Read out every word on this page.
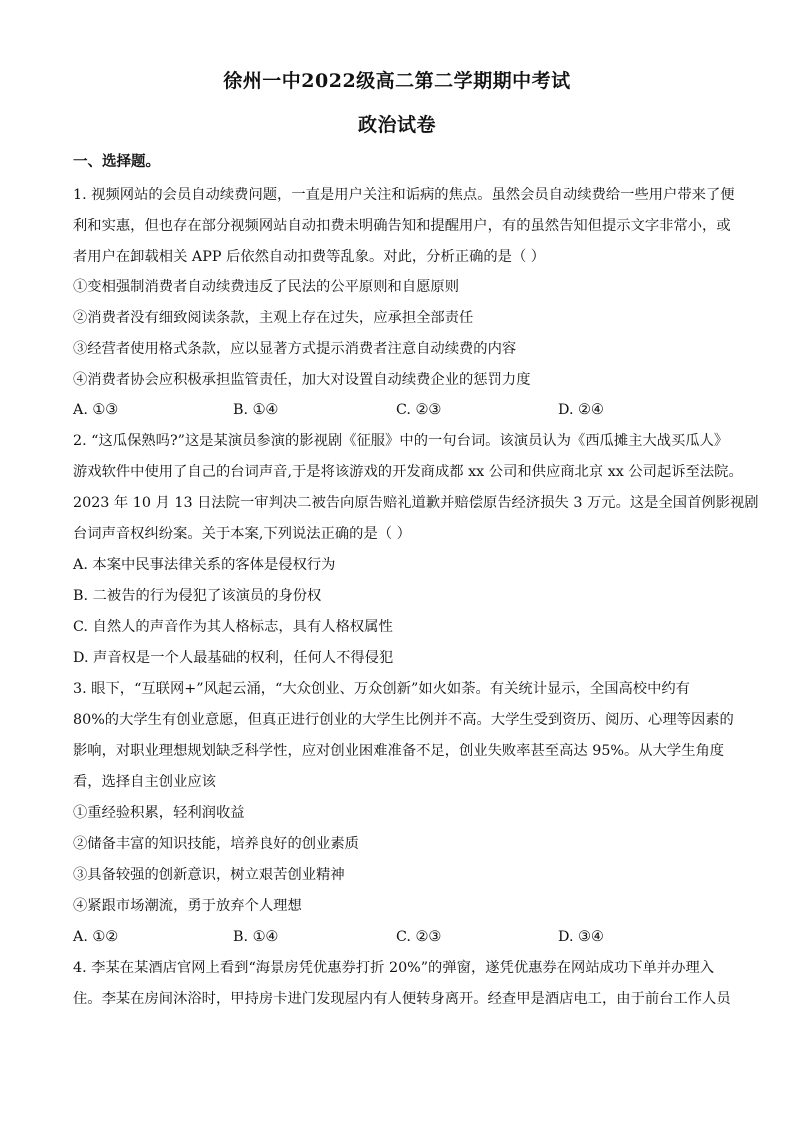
徐州一中2022级高二第二学期期中考试
政治试卷
一、选择题。
1. 视频网站的会员自动续费问题，一直是用户关注和诟病的焦点。虽然会员自动续费给一些用户带来了便
利和实惠，但也存在部分视频网站自动扣费未明确告知和提醒用户，有的虽然告知但提示文字非常小，或
者用户在卸载相关 APP 后依然自动扣费等乱象。对此，分析正确的是（ ）
①变相强制消费者自动续费违反了民法的公平原则和自愿原则
②消费者没有细致阅读条款，主观上存在过失，应承担全部责任
③经营者使用格式条款，应以显著方式提示消费者注意自动续费的内容
④消费者协会应积极承担监管责任，加大对设置自动续费企业的惩罚力度
A. ①③	B. ①④	C. ②③	D. ②④
2. “这瓜保熟吗?”这是某演员参演的影视剧《征服》中的一句台词。该演员认为《西瓜摊主大战买瓜人》
游戏软件中使用了自己的台词声音,于是将该游戏的开发商成都 xx 公司和供应商北京 xx 公司起诉至法院。
2023 年 10 月 13 日法院一审判决二被告向原告赔礼道歉并赔偿原告经济损失 3 万元。这是全国首例影视剧
台词声音权纠纷案。关于本案,下列说法正确的是（ ）
A. 本案中民事法律关系的客体是侵权行为
B. 二被告的行为侵犯了该演员的身份权
C. 自然人的声音作为其人格标志，具有人格权属性
D. 声音权是一个人最基础的权利，任何人不得侵犯
3. 眼下，“互联网+”风起云涌，“大众创业、万众创新”如火如荼。有关统计显示，全国高校中约有
80%的大学生有创业意愿，但真正进行创业的大学生比例并不高。大学生受到资历、阅历、心理等因素的
影响，对职业理想规划缺乏科学性，应对创业困难准备不足，创业失败率甚至高达 95%。从大学生角度
看，选择自主创业应该
①重经验积累，轻利润收益
②储备丰富的知识技能，培养良好的创业素质
③具备较强的创新意识，树立艰苦创业精神
④紧跟市场潮流，勇于放弃个人理想
A. ①②	B. ①④	C. ②③	D. ③④
4. 李某在某酒店官网上看到“海景房凭优惠券打折 20%”的弹窗，遂凭优惠券在网站成功下单并办理入
住。李某在房间沐浴时，甲持房卡进门发现屋内有人便转身离开。经查甲是酒店电工，由于前台工作人员
